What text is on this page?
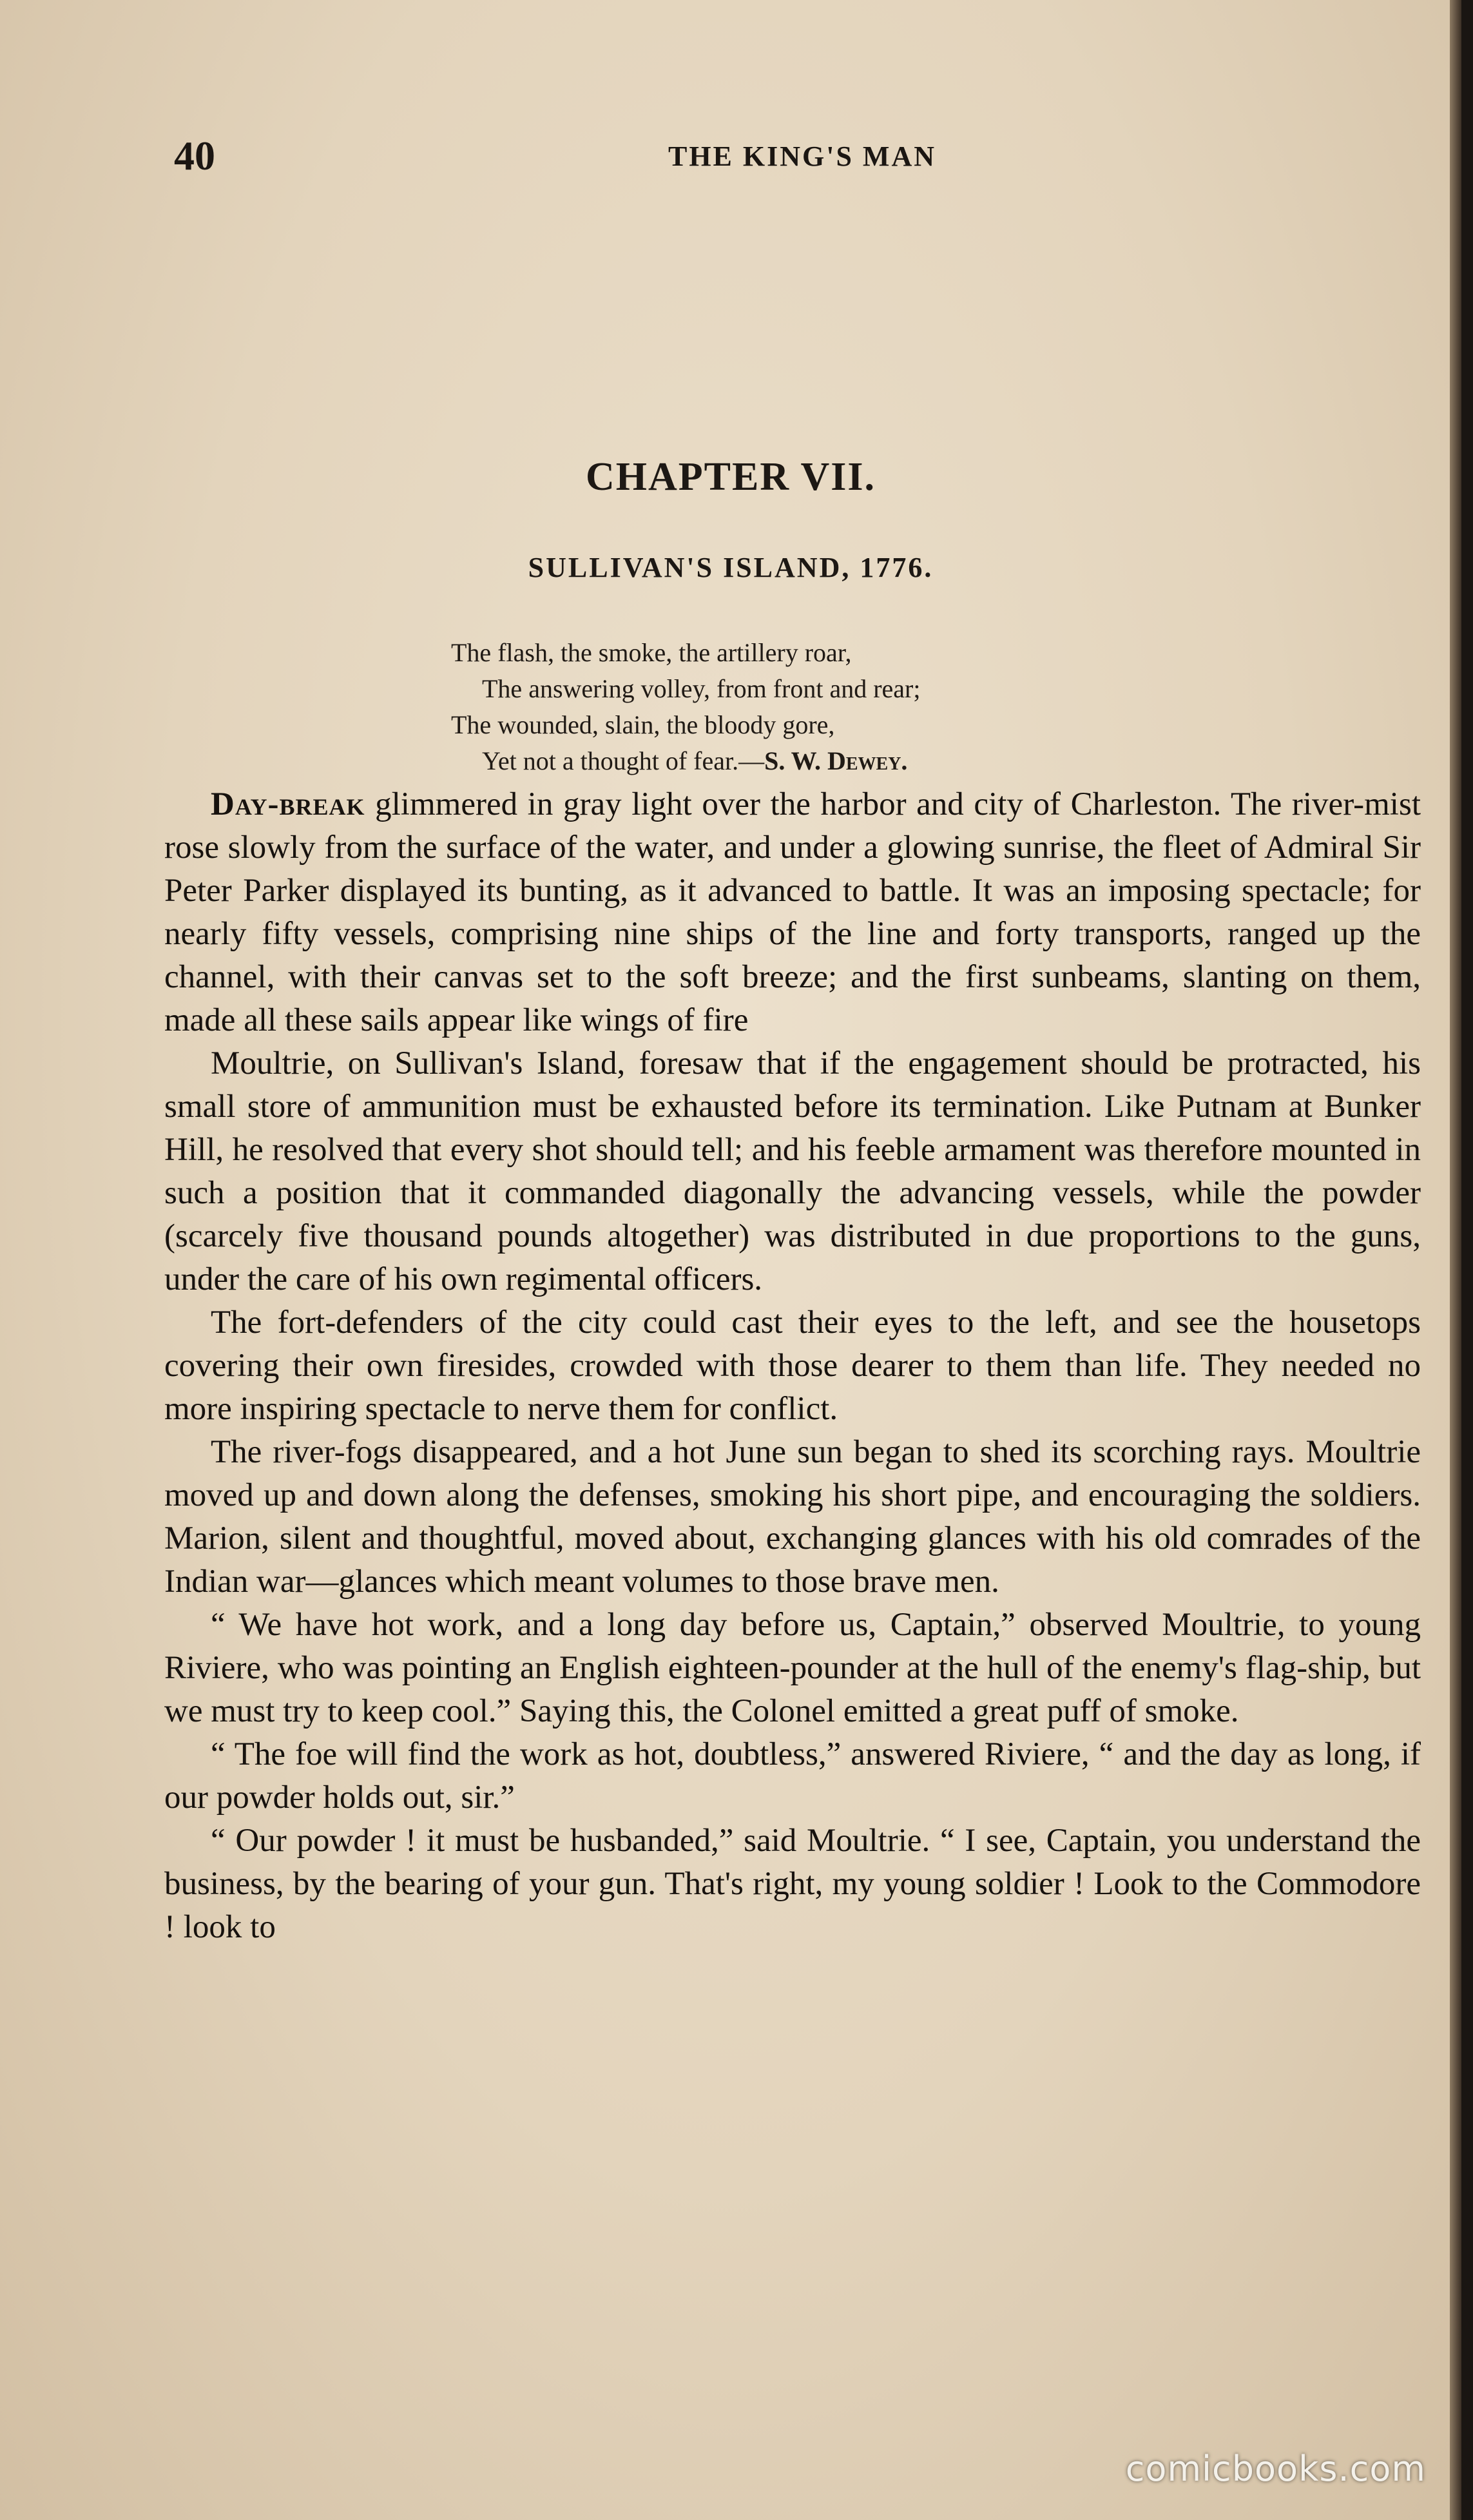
40	THE KING'S MAN
CHAPTER VII.
SULLIVAN'S ISLAND, 1776.
The flash, the smoke, the artillery roar,
The answering volley, from front and rear;
The wounded, slain, the bloody gore,
Yet not a thought of fear.—S. W. Dewey.

Day-break glimmered in gray light over the harbor and city of Charleston. The river-mist rose slowly from the surface of the water, and under a glowing sunrise, the fleet of Admiral Sir Peter Parker displayed its bunting, as it advanced to battle. It was an imposing spectacle; for nearly fifty vessels, comprising nine ships of the line and forty transports, ranged up the channel, with their canvas set to the soft breeze; and the first sunbeams, slanting on them, made all these sails appear like wings of fire

Moultrie, on Sullivan's Island, foresaw that if the engagement should be protracted, his small store of ammunition must be exhausted before its termination. Like Putnam at Bunker Hill, he resolved that every shot should tell; and his feeble armament was therefore mounted in such a position that it commanded diagonally the advancing vessels, while the powder (scarcely five thousand pounds altogether) was distributed in due proportions to the guns, under the care of his own regimental officers.

The fort-defenders of the city could cast their eyes to the left, and see the housetops covering their own firesides, crowded with those dearer to them than life. They needed no more inspiring spectacle to nerve them for conflict.

The river-fogs disappeared, and a hot June sun began to shed its scorching rays. Moultrie moved up and down along the defenses, smoking his short pipe, and encouraging the soldiers. Marion, silent and thoughtful, moved about, exchanging glances with his old comrades of the Indian war—glances which meant volumes to those brave men.

“ We have hot work, and a long day before us, Captain,” observed Moultrie, to young Riviere, who was pointing an English eighteen-pounder at the hull of the enemy's flag-ship, but we must try to keep cool.” Saying this, the Colonel emitted a great puff of smoke.

“ The foe will find the work as hot, doubtless,” answered Riviere, “ and the day as long, if our powder holds out, sir.”

“ Our powder ! it must be husbanded,” said Moultrie. “ I see, Captain, you understand the business, by the bearing of your gun. That's right, my young soldier ! Look to the Commodore ! look to

comicbooks.com
